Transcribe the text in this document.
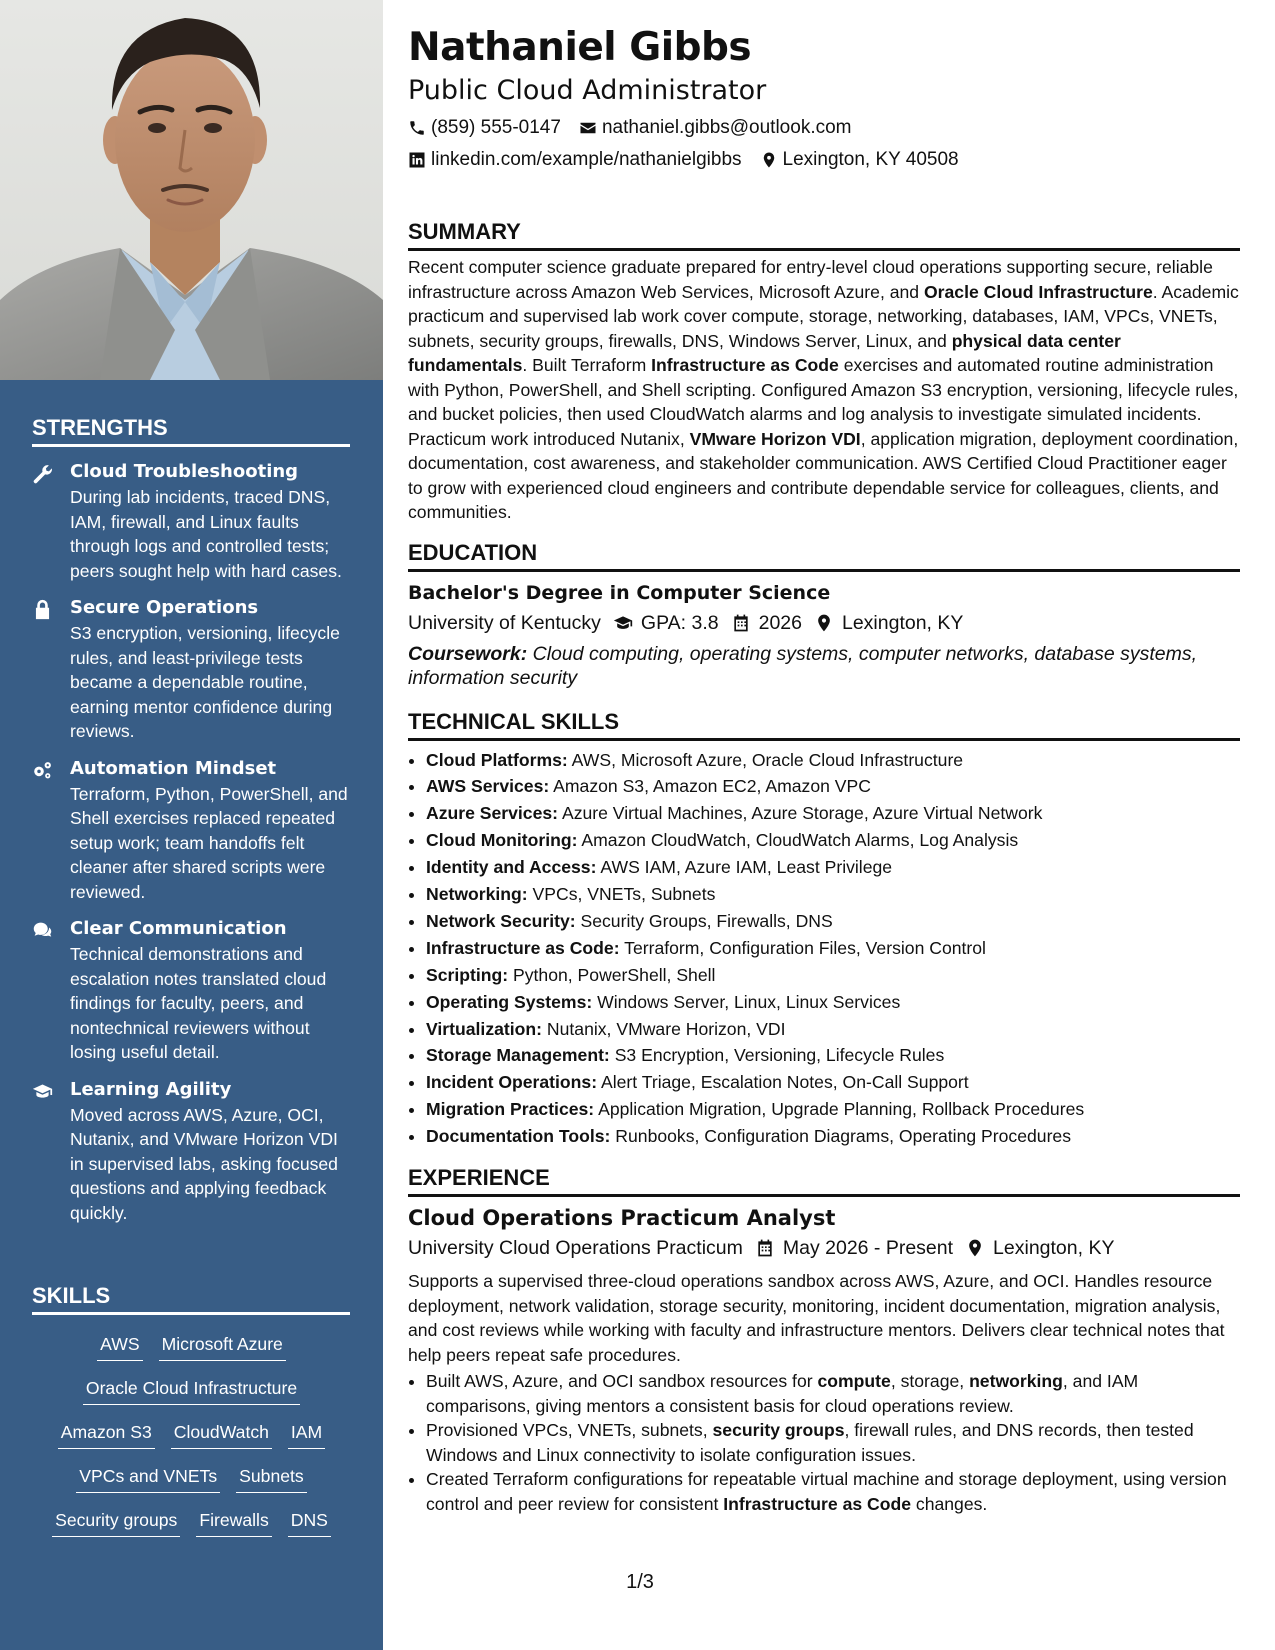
STRENGTHS
Cloud Troubleshooting
During lab incidents, traced DNS, IAM, firewall, and Linux faults through logs and controlled tests; peers sought help with hard cases.
Secure Operations
S3 encryption, versioning, lifecycle rules, and least-privilege tests became a dependable routine, earning mentor confidence during reviews.
Automation Mindset
Terraform, Python, PowerShell, and Shell exercises replaced repeated setup work; team handoffs felt cleaner after shared scripts were reviewed.
Clear Communication
Technical demonstrations and escalation notes translated cloud findings for faculty, peers, and nontechnical reviewers without losing useful detail.
Learning Agility
Moved across AWS, Azure, OCI, Nutanix, and VMware Horizon VDI in supervised labs, asking focused questions and applying feedback quickly.
SKILLS
AWS Microsoft Azure
Oracle Cloud Infrastructure
Amazon S3 CloudWatch IAM
VPCs and VNETs Subnets
Security groups Firewalls DNS
Nathaniel Gibbs
Public Cloud Administrator
(859) 555-0147 nathaniel.gibbs@outlook.com
linkedin.com/example/nathanielgibbs Lexington, KY 40508
SUMMARY

Recent computer science graduate prepared for entry-level cloud operations supporting secure, reliable infrastructure across Amazon Web Services, Microsoft Azure, and Oracle Cloud Infrastructure. Academic practicum and supervised lab work cover compute, storage, networking, databases, IAM, VPCs, VNETs, subnets, security groups, firewalls, DNS, Windows Server, Linux, and physical data center fundamentals. Built Terraform Infrastructure as Code exercises and automated routine administration with Python, PowerShell, and Shell scripting. Configured Amazon S3 encryption, versioning, lifecycle rules, and bucket policies, then used CloudWatch alarms and log analysis to investigate simulated incidents. Practicum work introduced Nutanix, VMware Horizon VDI, application migration, deployment coordination, documentation, cost awareness, and stakeholder communication. AWS Certified Cloud Practitioner eager to grow with experienced cloud engineers and contribute dependable service for colleagues, clients, and communities.

EDUCATION
Bachelor's Degree in Computer Science
University of Kentucky GPA: 3.8 2026 Lexington, KY
Coursework: Cloud computing, operating systems, computer networks, database systems, information security
TECHNICAL SKILLS
• Cloud Platforms: AWS, Microsoft Azure, Oracle Cloud Infrastructure
• AWS Services: Amazon S3, Amazon EC2, Amazon VPC
• Azure Services: Azure Virtual Machines, Azure Storage, Azure Virtual Network
• Cloud Monitoring: Amazon CloudWatch, CloudWatch Alarms, Log Analysis
• Identity and Access: AWS IAM, Azure IAM, Least Privilege
• Networking: VPCs, VNETs, Subnets
• Network Security: Security Groups, Firewalls, DNS
• Infrastructure as Code: Terraform, Configuration Files, Version Control
• Scripting: Python, PowerShell, Shell
• Operating Systems: Windows Server, Linux, Linux Services
• Virtualization: Nutanix, VMware Horizon, VDI
• Storage Management: S3 Encryption, Versioning, Lifecycle Rules
• Incident Operations: Alert Triage, Escalation Notes, On-Call Support
• Migration Practices: Application Migration, Upgrade Planning, Rollback Procedures
• Documentation Tools: Runbooks, Configuration Diagrams, Operating Procedures
EXPERIENCE
Cloud Operations Practicum Analyst
University Cloud Operations Practicum May 2026 - Present Lexington, KY

Supports a supervised three-cloud operations sandbox across AWS, Azure, and OCI. Handles resource deployment, network validation, storage security, monitoring, incident documentation, migration analysis, and cost reviews while working with faculty and infrastructure mentors. Delivers clear technical notes that help peers repeat safe procedures.

• Built AWS, Azure, and OCI sandbox resources for compute, storage, networking, and IAM comparisons, giving mentors a consistent basis for cloud operations review.
• Provisioned VPCs, VNETs, subnets, security groups, firewall rules, and DNS records, then tested Windows and Linux connectivity to isolate configuration issues.
• Created Terraform configurations for repeatable virtual machine and storage deployment, using version control and peer review for consistent Infrastructure as Code changes.
1/3
